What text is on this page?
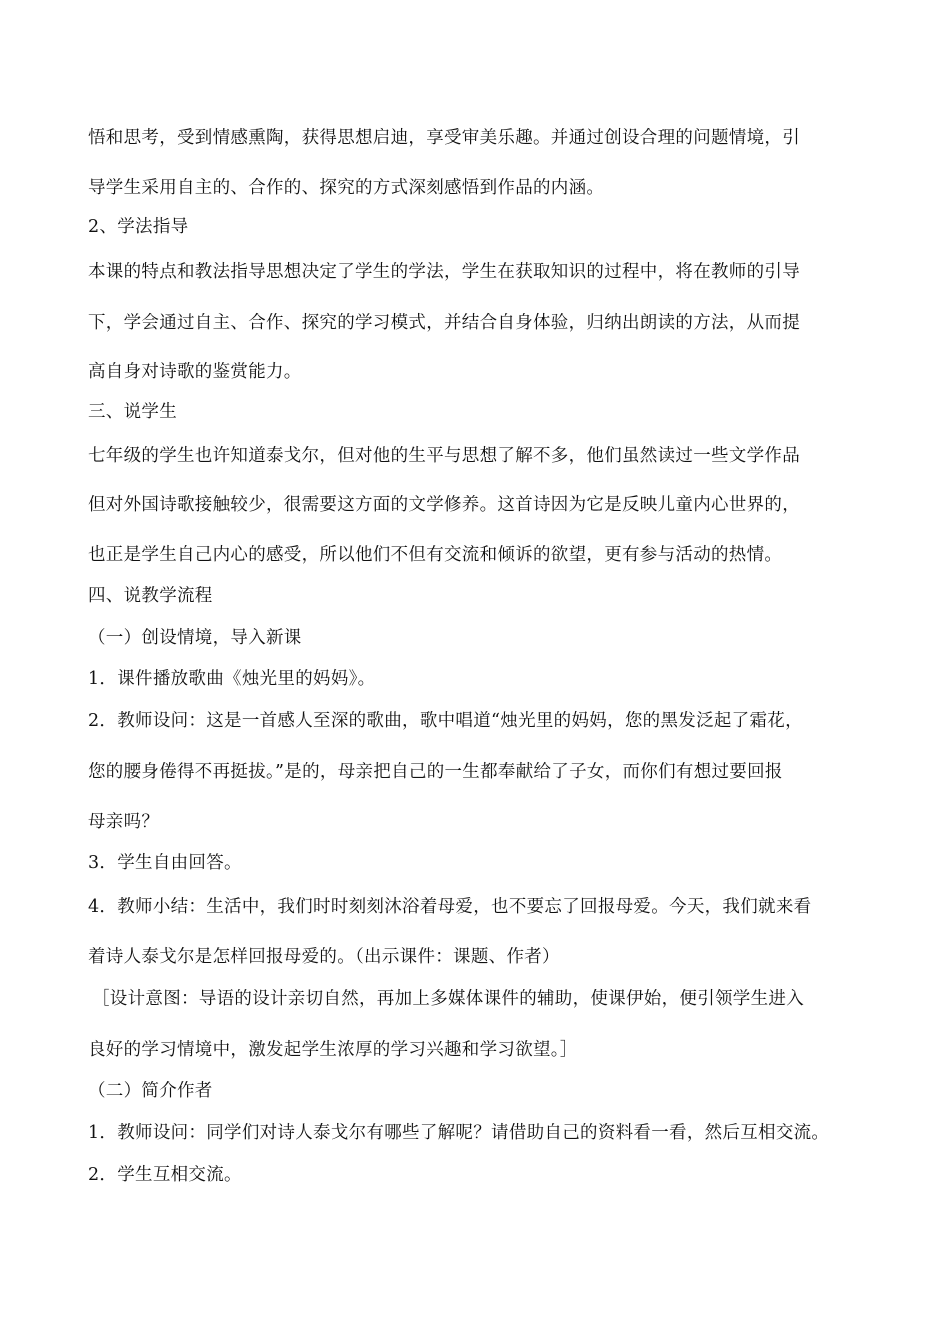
悟和思考，受到情感熏陶，获得思想启迪，享受审美乐趣。并通过创设合理的问题情境，引
导学生采用自主的、合作的、探究的方式深刻感悟到作品的内涵。
2、学法指导
本课的特点和教法指导思想决定了学生的学法，学生在获取知识的过程中，将在教师的引导
下，学会通过自主、合作、探究的学习模式，并结合自身体验，归纳出朗读的方法，从而提
高自身对诗歌的鉴赏能力。
三、说学生
七年级的学生也许知道泰戈尔，但对他的生平与思想了解不多，他们虽然读过一些文学作品
但对外国诗歌接触较少，很需要这方面的文学修养。这首诗因为它是反映儿童内心世界的，
也正是学生自己内心的感受，所以他们不但有交流和倾诉的欲望，更有参与活动的热情。
四、说教学流程
（一）创设情境，导入新课
1．课件播放歌曲《烛光里的妈妈》。
2．教师设问：这是一首感人至深的歌曲，歌中唱道“烛光里的妈妈，您的黑发泛起了霜花，
您的腰身倦得不再挺拔。”是的，母亲把自己的一生都奉献给了子女，而你们有想过要回报
母亲吗？
3．学生自由回答。
4．教师小结：生活中，我们时时刻刻沐浴着母爱，也不要忘了回报母爱。今天，我们就来看
着诗人泰戈尔是怎样回报母爱的。（出示课件：课题、作者）
［设计意图：导语的设计亲切自然，再加上多媒体课件的辅助，使课伊始，便引领学生进入
良好的学习情境中，激发起学生浓厚的学习兴趣和学习欲望。］
（二）简介作者
1．教师设问：同学们对诗人泰戈尔有哪些了解呢？请借助自己的资料看一看，然后互相交流。
2．学生互相交流。
